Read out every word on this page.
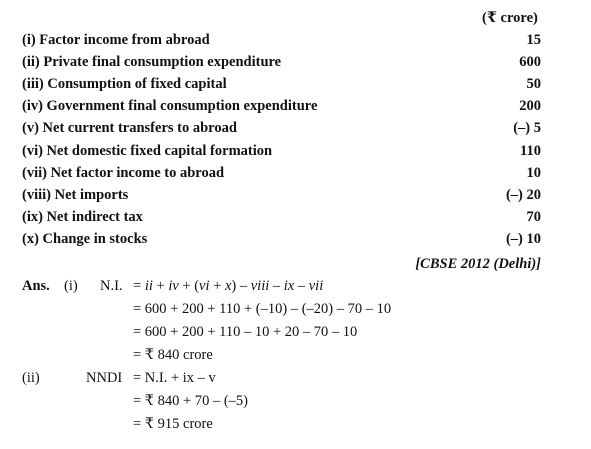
(₹ crore)
(i) Factor income from abroad	15
(ii) Private final consumption expenditure	600
(iii) Consumption of fixed capital	50
(iv) Government final consumption expenditure	200
(v) Net current transfers to abroad	(–) 5
(vi) Net domestic fixed capital formation	110
(vii) Net factor income to abroad	10
(viii) Net imports	(–) 20
(ix) Net indirect tax	70
(x) Change in stocks	(–) 10
[CBSE 2012 (Delhi)]
Ans. (i) N.I. = ii + iv + (vi + x) – viii – ix – vii
= 600 + 200 + 110 + (–10) – (–20) – 70 – 10
= 600 + 200 + 110 – 10 + 20 – 70 – 10
= ₹ 840 crore
(ii)	NNDI = N.I. + ix – v
= ₹ 840 + 70 – (–5)
= ₹ 915 crore
